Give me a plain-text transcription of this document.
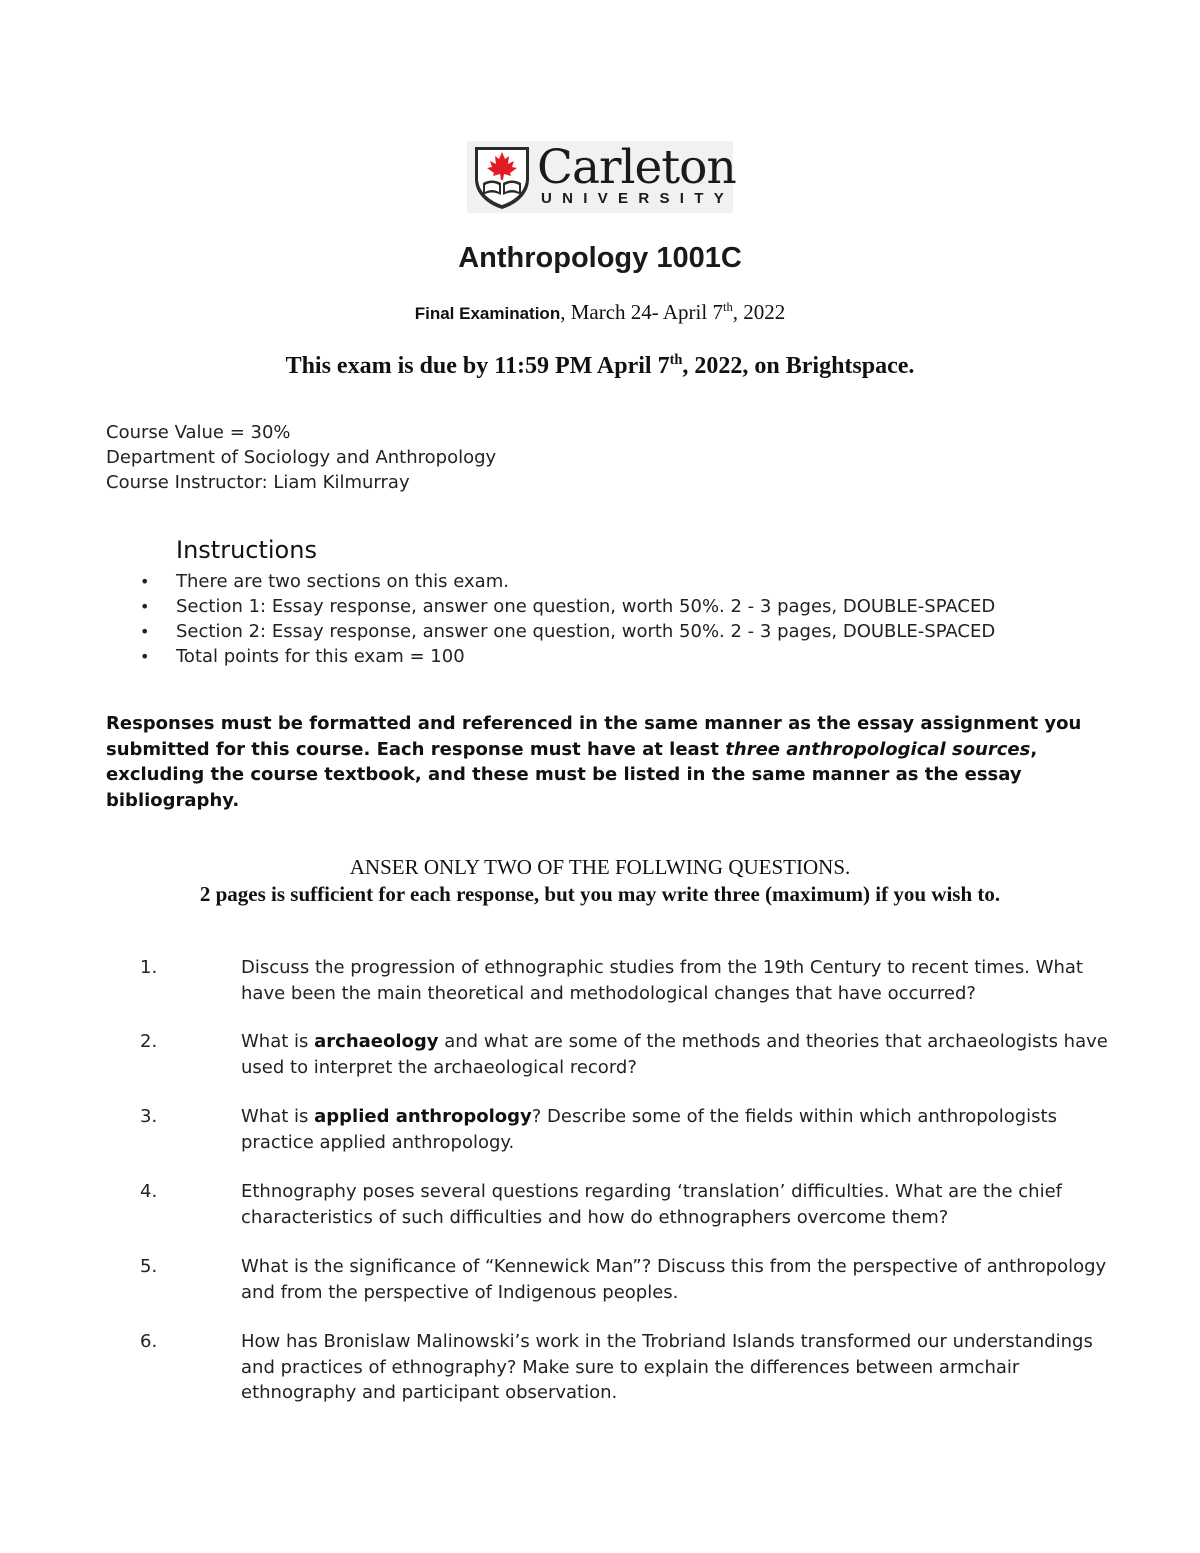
Carleton
UNIVERSITY
Anthropology 1001C
Final Examination, March 24- April 7th, 2022
This exam is due by 11:59 PM April 7th, 2022, on Brightspace.
Course Value = 30%
Department of Sociology and Anthropology
Course Instructor: Liam Kilmurray
Instructions
• There are two sections on this exam.
• Section 1: Essay response, answer one question, worth 50%. 2 - 3 pages, DOUBLE-SPACED
• Section 2: Essay response, answer one question, worth 50%. 2 - 3 pages, DOUBLE-SPACED
• Total points for this exam = 100
Responses must be formatted and referenced in the same manner as the essay assignment you submitted for this course. Each response must have at least three anthropological sources, excluding the course textbook, and these must be listed in the same manner as the essay bibliography.
ANSER ONLY TWO OF THE FOLLWING QUESTIONS.
2 pages is sufficient for each response, but you may write three (maximum) if you wish to.
1.	Discuss the progression of ethnographic studies from the 19th Century to recent times. What have been the main theoretical and methodological changes that have occurred?
2.	What is archaeology and what are some of the methods and theories that archaeologists have used to interpret the archaeological record?
3.	What is applied anthropology? Describe some of the fields within which anthropologists practice applied anthropology.
4.	Ethnography poses several questions regarding ‘translation’ difficulties. What are the chief characteristics of such difficulties and how do ethnographers overcome them?
5.	What is the significance of “Kennewick Man”? Discuss this from the perspective of anthropology and from the perspective of Indigenous peoples.
6.	How has Bronislaw Malinowski’s work in the Trobriand Islands transformed our understandings and practices of ethnography? Make sure to explain the differences between armchair ethnography and participant observation.
